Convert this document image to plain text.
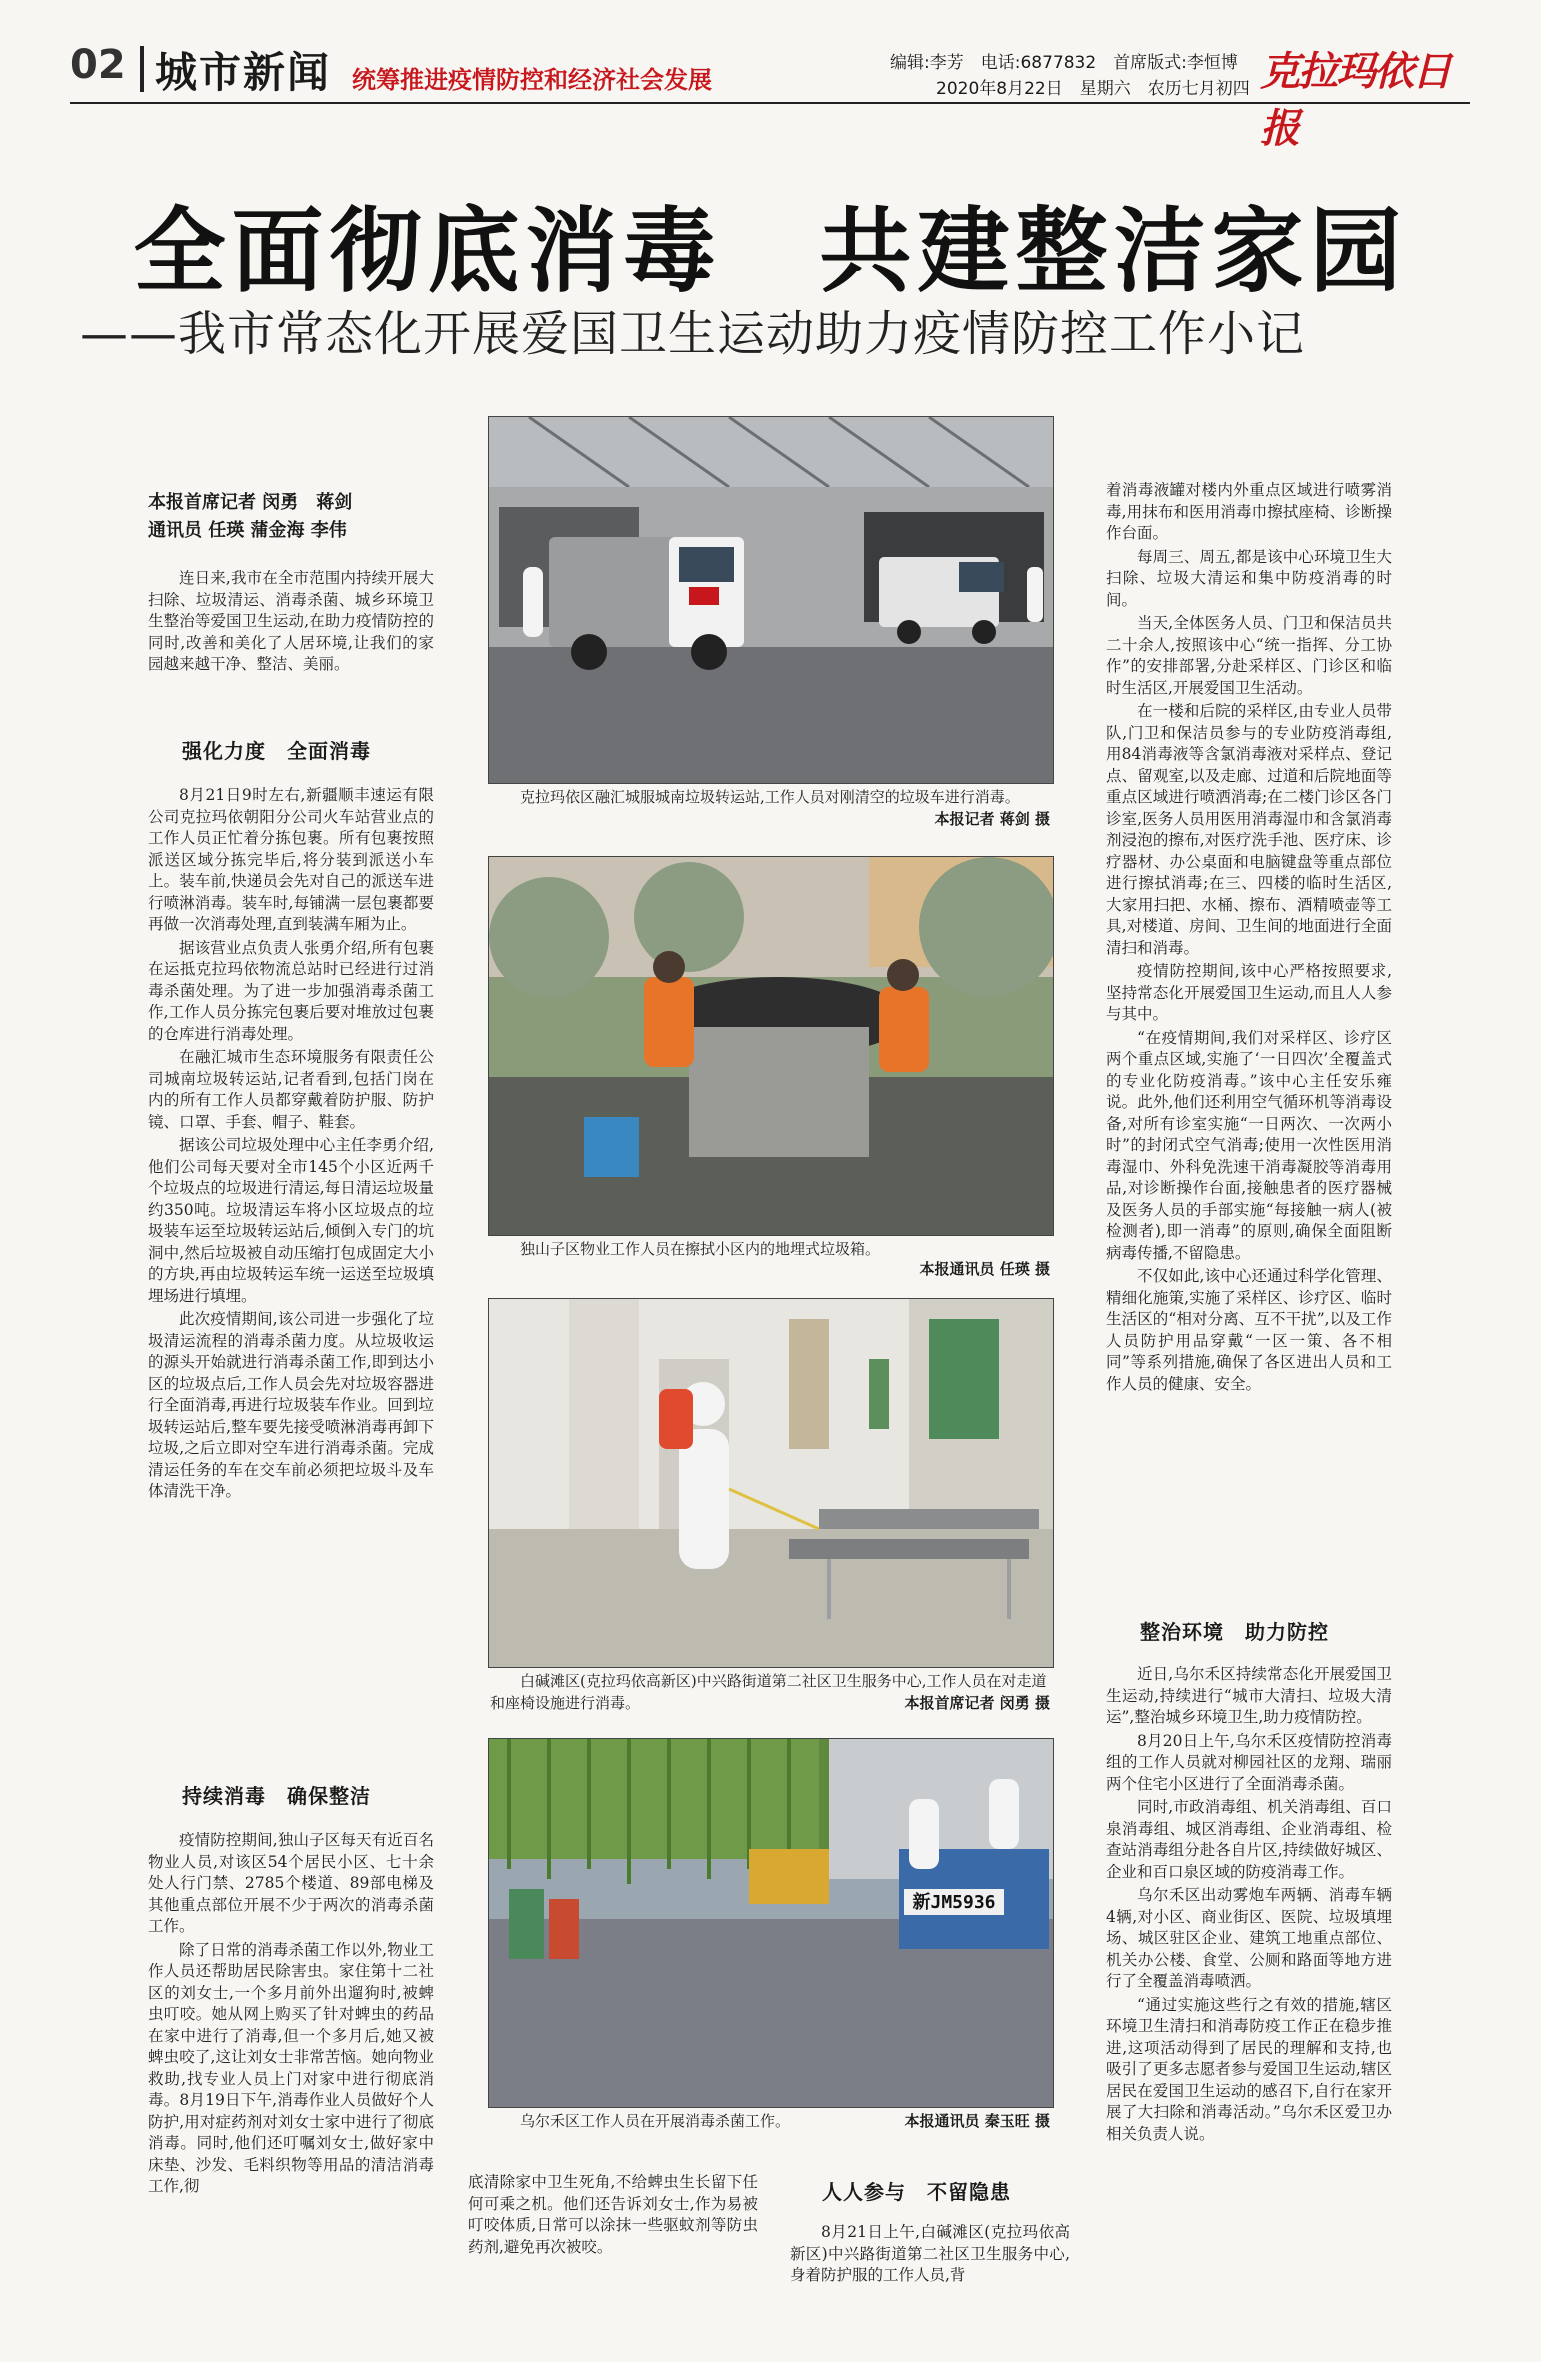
02 城市新闻 统筹推进疫情防控和经济社会发展
编辑:李芳　电话:6877832　首席版式:李恒博
2020年8月22日　星期六　农历七月初四 克拉玛依日报
全面彻底消毒　共建整洁家园
——我市常态化开展爱国卫生运动助力疫情防控工作小记
本报首席记者 闵勇　蒋剑
通讯员 任瑛 蒲金海 李伟

连日来,我市在全市范围内持续开展大扫除、垃圾清运、消毒杀菌、城乡环境卫生整治等爱国卫生运动,在助力疫情防控的同时,改善和美化了人居环境,让我们的家园越来越干净、整洁、美丽。

强化力度　全面消毒

8月21日9时左右,新疆顺丰速运有限公司克拉玛依朝阳分公司火车站营业点的工作人员正忙着分拣包裹。所有包裹按照派送区域分拣完毕后,将分装到派送小车上。装车前,快递员会先对自己的派送车进行喷淋消毒。装车时,每铺满一层包裹都要再做一次消毒处理,直到装满车厢为止。

据该营业点负责人张勇介绍,所有包裹在运抵克拉玛依物流总站时已经进行过消毒杀菌处理。为了进一步加强消毒杀菌工作,工作人员分拣完包裹后要对堆放过包裹的仓库进行消毒处理。

在融汇城市生态环境服务有限责任公司城南垃圾转运站,记者看到,包括门岗在内的所有工作人员都穿戴着防护服、防护镜、口罩、手套、帽子、鞋套。

据该公司垃圾处理中心主任李勇介绍,他们公司每天要对全市145个小区近两千个垃圾点的垃圾进行清运,每日清运垃圾量约350吨。垃圾清运车将小区垃圾点的垃圾装车运至垃圾转运站后,倾倒入专门的坑洞中,然后垃圾被自动压缩打包成固定大小的方块,再由垃圾转运车统一运送至垃圾填埋场进行填埋。

此次疫情期间,该公司进一步强化了垃圾清运流程的消毒杀菌力度。从垃圾收运的源头开始就进行消毒杀菌工作,即到达小区的垃圾点后,工作人员会先对垃圾容器进行全面消毒,再进行垃圾装车作业。回到垃圾转运站后,整车要先接受喷淋消毒再卸下垃圾,之后立即对空车进行消毒杀菌。完成清运任务的车在交车前必须把垃圾斗及车体清洗干净。

持续消毒　确保整洁

疫情防控期间,独山子区每天有近百名物业人员,对该区54个居民小区、七十余处人行门禁、2785个楼道、89部电梯及其他重点部位开展不少于两次的消毒杀菌工作。

除了日常的消毒杀菌工作以外,物业工作人员还帮助居民除害虫。家住第十二社区的刘女士,一个多月前外出遛狗时,被蜱虫叮咬。她从网上购买了针对蜱虫的药品在家中进行了消毒,但一个多月后,她又被蜱虫咬了,这让刘女士非常苦恼。她向物业救助,找专业人员上门对家中进行彻底消毒。8月19日下午,消毒作业人员做好个人防护,用对症药剂对刘女士家中进行了彻底消毒。同时,他们还叮嘱刘女士,做好家中床垫、沙发、毛料织物等用品的清洁消毒工作,彻

克拉玛依区融汇城服城南垃圾转运站,工作人员对刚清空的垃圾车进行消毒。
本报记者 蒋剑 摄
独山子区物业工作人员在擦拭小区内的地埋式垃圾箱。
本报通讯员 任瑛 摄
白碱滩区(克拉玛依高新区)中兴路街道第二社区卫生服务中心,工作人员在对走道和座椅设施进行消毒。	本报首席记者 闵勇 摄
新JM5936
乌尔禾区工作人员在开展消毒杀菌工作。	本报通讯员 秦玉旺 摄

底清除家中卫生死角,不给蜱虫生长留下任何可乘之机。他们还告诉刘女士,作为易被叮咬体质,日常可以涂抹一些驱蚊剂等防虫药剂,避免再次被咬。

人人参与　不留隐患

8月21日上午,白碱滩区(克拉玛依高新区)中兴路街道第二社区卫生服务中心,身着防护服的工作人员,背

着消毒液罐对楼内外重点区域进行喷雾消毒,用抹布和医用消毒巾擦拭座椅、诊断操作台面。

每周三、周五,都是该中心环境卫生大扫除、垃圾大清运和集中防疫消毒的时间。

当天,全体医务人员、门卫和保洁员共二十余人,按照该中心“统一指挥、分工协作”的安排部署,分赴采样区、门诊区和临时生活区,开展爱国卫生活动。

在一楼和后院的采样区,由专业人员带队,门卫和保洁员参与的专业防疫消毒组,用84消毒液等含氯消毒液对采样点、登记点、留观室,以及走廊、过道和后院地面等重点区域进行喷洒消毒;在二楼门诊区各门诊室,医务人员用医用消毒湿巾和含氯消毒剂浸泡的擦布,对医疗洗手池、医疗床、诊疗器材、办公桌面和电脑键盘等重点部位进行擦拭消毒;在三、四楼的临时生活区,大家用扫把、水桶、擦布、酒精喷壶等工具,对楼道、房间、卫生间的地面进行全面清扫和消毒。

疫情防控期间,该中心严格按照要求,坚持常态化开展爱国卫生运动,而且人人参与其中。

“在疫情期间,我们对采样区、诊疗区两个重点区域,实施了‘一日四次’全覆盖式的专业化防疫消毒。”该中心主任安乐雍说。此外,他们还利用空气循环机等消毒设备,对所有诊室实施“一日两次、一次两小时”的封闭式空气消毒;使用一次性医用消毒湿巾、外科免洗速干消毒凝胶等消毒用品,对诊断操作台面,接触患者的医疗器械及医务人员的手部实施“每接触一病人(被检测者),即一消毒”的原则,确保全面阻断病毒传播,不留隐患。

不仅如此,该中心还通过科学化管理、精细化施策,实施了采样区、诊疗区、临时生活区的“相对分离、互不干扰”,以及工作人员防护用品穿戴“一区一策、各不相同”等系列措施,确保了各区进出人员和工作人员的健康、安全。

整治环境　助力防控

近日,乌尔禾区持续常态化开展爱国卫生运动,持续进行“城市大清扫、垃圾大清运”,整治城乡环境卫生,助力疫情防控。

8月20日上午,乌尔禾区疫情防控消毒组的工作人员就对柳园社区的龙翔、瑞丽两个住宅小区进行了全面消毒杀菌。

同时,市政消毒组、机关消毒组、百口泉消毒组、城区消毒组、企业消毒组、检查站消毒组分赴各自片区,持续做好城区、企业和百口泉区域的防疫消毒工作。

乌尔禾区出动雾炮车两辆、消毒车辆4辆,对小区、商业街区、医院、垃圾填埋场、城区驻区企业、建筑工地重点部位、机关办公楼、食堂、公厕和路面等地方进行了全覆盖消毒喷洒。

“通过实施这些行之有效的措施,辖区环境卫生清扫和消毒防疫工作正在稳步推进,这项活动得到了居民的理解和支持,也吸引了更多志愿者参与爱国卫生运动,辖区居民在爱国卫生运动的感召下,自行在家开展了大扫除和消毒活动。”乌尔禾区爱卫办相关负责人说。
